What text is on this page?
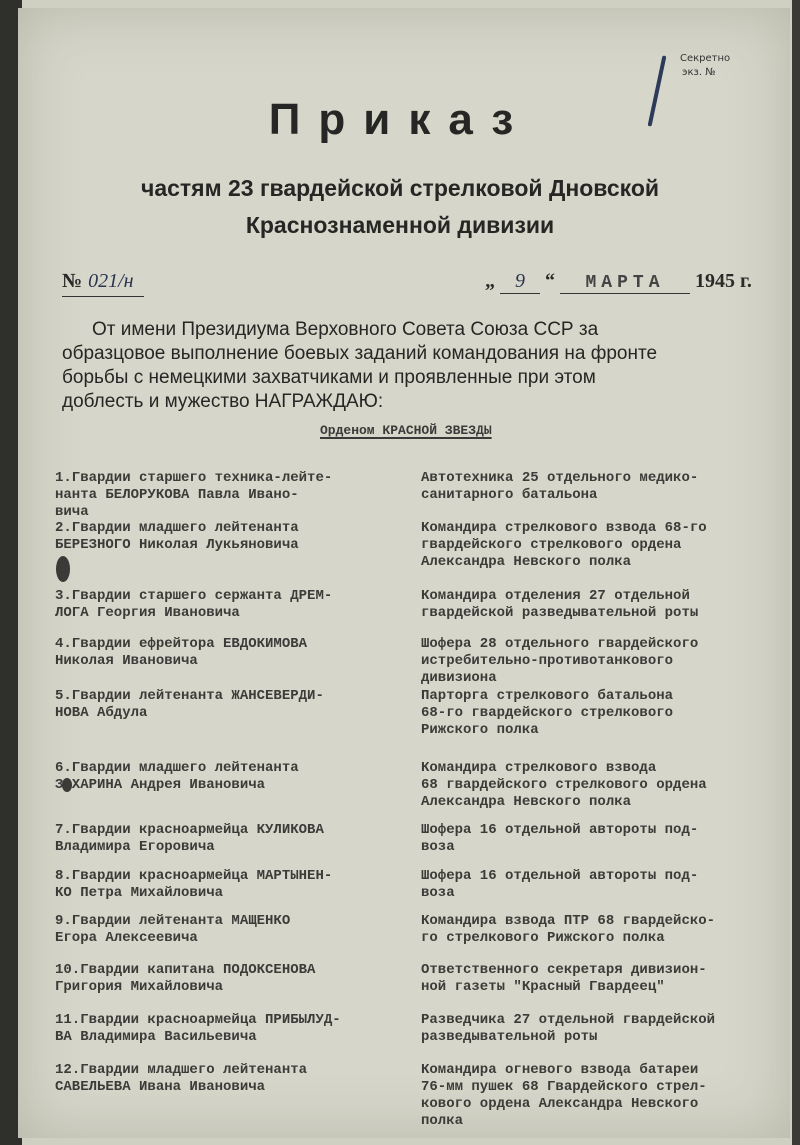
Секретно
экз. №
Приказ
частям 23 гвардейской стрелковой Дновской
Краснознаменной дивизии
№ 021/н	„ 9 “ МАРТА 1945 г.

От имени Президиума Верховного Совета Союза ССР за

образцовое выполнение боевых заданий командования на фронте

борьбы с немецкими захватчиками и проявленные при этом

доблесть и мужество НАГРАЖДАЮ:

Орденом КРАСНОЙ ЗВЕЗДЫ
1.Гвардии старшего техника-лейте-
нанта БЕЛОРУКОВА Павла Ивано-
вича
Автотехника 25 отдельного медико-
санитарного батальона
2.Гвардии младшего лейтенанта
БЕРЕЗНОГО Николая Лукьяновича
Командира стрелкового взвода 68-го
гвардейского стрелкового ордена
Александра Невского полка
3.Гвардии старшего сержанта ДРЕМ-
ЛОГА Георгия Ивановича
Командира отделения 27 отдельной
гвардейской разведывательной роты
4.Гвардии ефрейтора ЕВДОКИМОВА
Николая Ивановича
Шофера 28 отдельного гвардейского
истребительно-противотанкового
дивизиона
5.Гвардии лейтенанта ЖАНСЕВЕРДИ-
НОВА Абдула
Парторга стрелкового батальона
68-го гвардейского стрелкового
Рижского полка
6.Гвардии младшего лейтенанта
ЗАХАРИНА Андрея Ивановича
Командира стрелкового взвода
68 гвардейского стрелкового ордена
Александра Невского полка
7.Гвардии красноармейца КУЛИКОВА
Владимира Егоровича
Шофера 16 отдельной автороты под-
воза
8.Гвардии красноармейца МАРТЫНЕН-
КО Петра Михайловича
Шофера 16 отдельной автороты под-
воза
9.Гвардии лейтенанта МАЩЕНКО
Егора Алексеевича
Командира взвода ПТР 68 гвардейско-
го стрелкового Рижского полка
10.Гвардии капитана ПОДОКСЕНОВА
Григория Михайловича
Ответственного секретаря дивизион-
ной газеты "Красный Гвардеец"
11.Гвардии красноармейца ПРИБЫЛУД-
ВА Владимира Васильевича
Разведчика 27 отдельной гвардейской
разведывательной роты
12.Гвардии младшего лейтенанта
САВЕЛЬЕВА Ивана Ивановича
Командира огневого взвода батареи
76-мм пушек 68 Гвардейского стрел-
кового ордена Александра Невского
полка
